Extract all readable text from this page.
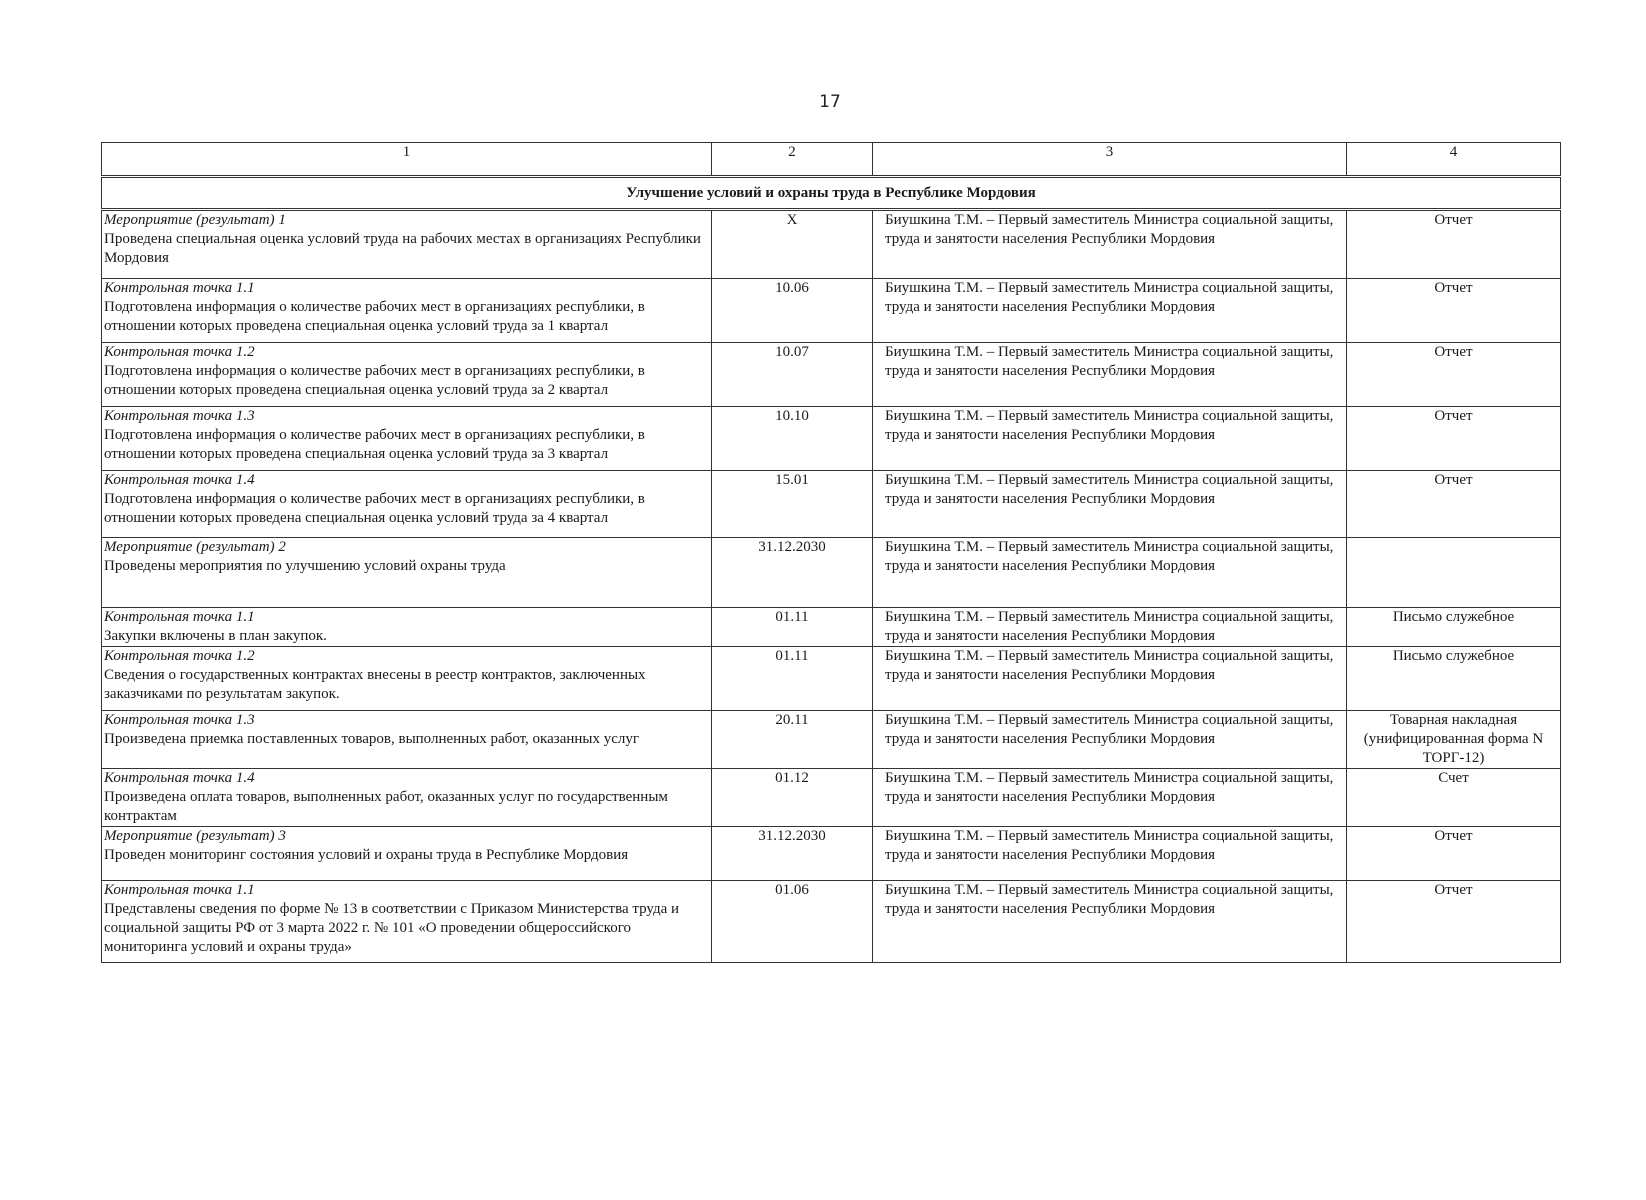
17
1	2	3	4
Улучшение условий и охраны труда в Республике Мордовия			

Мероприятие (результат) 1
Проведена специальная оценка условий труда на рабочих местах в организациях Республики Мордовия	X	Биушкина Т.М. – Первый заместитель Министра социальной защиты, труда и занятости населения Республики Мордовия	Отчет

Контрольная точка 1.1
Подготовлена информация о количестве рабочих мест в организациях республики, в отношении которых проведена специальная оценка условий труда за 1 квартал	10.06	Биушкина Т.М. – Первый заместитель Министра социальной защиты, труда и занятости населения Республики Мордовия	Отчет

Контрольная точка 1.2
Подготовлена информация о количестве рабочих мест в организациях республики, в отношении которых проведена специальная оценка условий труда за 2 квартал	10.07	Биушкина Т.М. – Первый заместитель Министра социальной защиты, труда и занятости населения Республики Мордовия	Отчет

Контрольная точка 1.3
Подготовлена информация о количестве рабочих мест в организациях республики, в отношении которых проведена специальная оценка условий труда за 3 квартал	10.10	Биушкина Т.М. – Первый заместитель Министра социальной защиты, труда и занятости населения Республики Мордовия	Отчет

Контрольная точка 1.4
Подготовлена информация о количестве рабочих мест в организациях республики, в отношении которых проведена специальная оценка условий труда за 4 квартал	15.01	Биушкина Т.М. – Первый заместитель Министра социальной защиты, труда и занятости населения Республики Мордовия	Отчет

Мероприятие (результат) 2
Проведены мероприятия по улучшению условий охраны труда	31.12.2030	Биушкина Т.М. – Первый заместитель Министра социальной защиты, труда и занятости населения Республики Мордовия	

Контрольная точка 1.1
Закупки включены в план закупок.	01.11	Биушкина Т.М. – Первый заместитель Министра социальной защиты, труда и занятости населения Республики Мордовия	Письмо служебное

Контрольная точка 1.2
Сведения о государственных контрактах внесены в реестр контрактов, заключенных заказчиками по результатам закупок.	01.11	Биушкина Т.М. – Первый заместитель Министра социальной защиты, труда и занятости населения Республики Мордовия	Письмо служебное

Контрольная точка 1.3
Произведена приемка поставленных товаров, выполненных работ, оказанных услуг	20.11	Биушкина Т.М. – Первый заместитель Министра социальной защиты, труда и занятости населения Республики Мордовия	Товарная накладная (унифицированная форма N ТОРГ-12)

Контрольная точка 1.4
Произведена оплата товаров, выполненных работ, оказанных услуг по государственным контрактам	01.12	Биушкина Т.М. – Первый заместитель Министра социальной защиты, труда и занятости населения Республики Мордовия	Счет

Мероприятие (результат) 3
Проведен мониторинг состояния условий и охраны труда в Республике Мордовия	31.12.2030	Биушкина Т.М. – Первый заместитель Министра социальной защиты, труда и занятости населения Республики Мордовия	Отчет

Контрольная точка 1.1
Представлены сведения по форме № 13 в соответствии с Приказом Министерства труда и социальной защиты РФ от 3 марта 2022 г. № 101 «О проведении общероссийского мониторинга условий и охраны труда»	01.06	Биушкина Т.М. – Первый заместитель Министра социальной защиты, труда и занятости населения Республики Мордовия	Отчет
